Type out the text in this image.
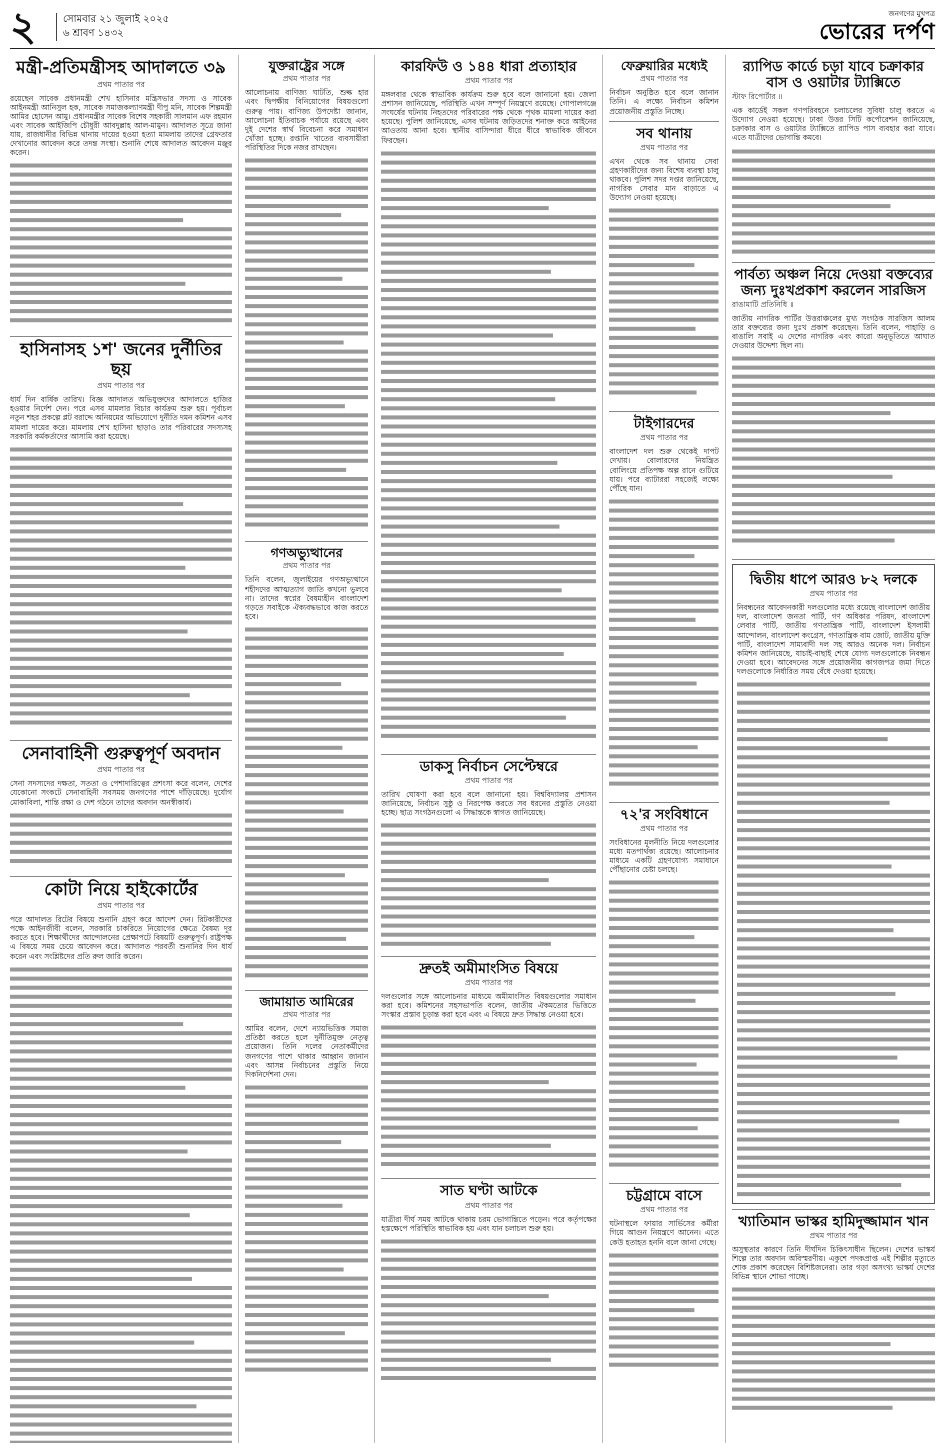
২	সোমবার ২১ জুলাই ২০২৫
৬ শ্রাবণ ১৪৩২
জনগণের মুখপত্র
ভোরের দর্পণ
মন্ত্রী-প্রতিমন্ত্রীসহ আদালতে ৩৯
প্রথম পাতার পর

রয়েছেন সাবেক প্রধানমন্ত্রী শেখ হাসিনার মন্ত্রিসভার সদস্য ও সাবেক আইনমন্ত্রী আনিসুল হক, সাবেক সমাজকল্যাণমন্ত্রী দীপু মনি, সাবেক শিল্পমন্ত্রী আমির হোসেন আমু। প্রধানমন্ত্রীর সাবেক বিশেষ সহকারী সালমান এফ রহমান এবং সাবেক আইজিপি চৌধুরী আবদুল্লাহ আল-মামুন। আদালত সূত্রে জানা যায়, রাজধানীর বিভিন্ন থানায় দায়ের হওয়া হত্যা মামলায় তাদের গ্রেফতার দেখানোর আবেদন করে তদন্ত সংস্থা। শুনানি শেষে আদালত আবেদন মঞ্জুর করেন।

হাসিনাসহ ১শ' জনের দুর্নীতির ছয়
প্রথম পাতার পর

ধার্য দিন বার্ষিক তারিখ। বিজ্ঞ আদালত অভিযুক্তদের আদালতে হাজির হওয়ার নির্দেশ দেন। পরে এসব মামলার বিচার কার্যক্রম শুরু হয়। পূর্বাচল নতুন শহর প্রকল্পে প্লট বরাদ্দে অনিয়মের অভিযোগে দুর্নীতি দমন কমিশন এসব মামলা দায়ের করে। মামলায় শেখ হাসিনা ছাড়াও তার পরিবারের সদস্যসহ সরকারি কর্মকর্তাদের আসামি করা হয়েছে।

সেনাবাহিনী গুরুত্বপূর্ণ অবদান
প্রথম পাতার পর

সেনা সদস্যদের দক্ষতা, সততা ও পেশাদারিত্বের প্রশংসা করে বলেন, দেশের যেকোনো সংকটে সেনাবাহিনী সবসময় জনগণের পাশে দাঁড়িয়েছে। দুর্যোগ মোকাবিলা, শান্তি রক্ষা ও দেশ গঠনে তাদের অবদান অনস্বীকার্য।

কোটা নিয়ে হাইকোর্টের
প্রথম পাতার পর

পরে আদালত রিটের বিষয়ে শুনানি গ্রহণ করে আদেশ দেন। রিটকারীদের পক্ষে আইনজীবী বলেন, সরকারি চাকরিতে নিয়োগের ক্ষেত্রে বৈষম্য দূর করতে হবে। শিক্ষার্থীদের আন্দোলনের প্রেক্ষাপটে বিষয়টি গুরুত্বপূর্ণ। রাষ্ট্রপক্ষ এ বিষয়ে সময় চেয়ে আবেদন করে। আদালত পরবর্তী শুনানির দিন ধার্য করেন এবং সংশ্লিষ্টদের প্রতি রুল জারি করেন।

যুক্তরাষ্ট্রের সঙ্গে
প্রথম পাতার পর

আলোচনায় বাণিজ্য ঘাটতি, শুল্ক হার এবং দ্বিপক্ষীয় বিনিয়োগের বিষয়গুলো গুরুত্ব পায়। বাণিজ্য উপদেষ্টা জানান, আলোচনা ইতিবাচক পর্যায়ে রয়েছে এবং দুই দেশের স্বার্থ বিবেচনা করে সমাধান খোঁজা হচ্ছে। রপ্তানি খাতের ব্যবসায়ীরা পরিস্থিতির দিকে নজর রাখছেন।

গণঅভ্যুত্থানের
প্রথম পাতার পর

তিনি বলেন, জুলাইয়ের গণঅভ্যুত্থানে শহীদদের আত্মত্যাগ জাতি কখনো ভুলবে না। তাদের স্বপ্নের বৈষম্যহীন বাংলাদেশ গড়তে সবাইকে ঐক্যবদ্ধভাবে কাজ করতে হবে।

জামায়াত আমিরের
প্রথম পাতার পর

আমির বলেন, দেশে ন্যায়ভিত্তিক সমাজ প্রতিষ্ঠা করতে হলে দুর্নীতিমুক্ত নেতৃত্ব প্রয়োজন। তিনি দলের নেতাকর্মীদের জনগণের পাশে থাকার আহ্বান জানান এবং আসন্ন নির্বাচনের প্রস্তুতি নিয়ে দিকনির্দেশনা দেন।

কারফিউ ও ১৪৪ ধারা প্রত্যাহার
প্রথম পাতার পর

মঙ্গলবার থেকে স্বাভাবিক কার্যক্রম শুরু হবে বলে জানানো হয়। জেলা প্রশাসন জানিয়েছে, পরিস্থিতি এখন সম্পূর্ণ নিয়ন্ত্রণে রয়েছে। গোপালগঞ্জে সংঘর্ষের ঘটনায় নিহতদের পরিবারের পক্ষ থেকে পৃথক মামলা দায়ের করা হয়েছে। পুলিশ জানিয়েছে, এসব ঘটনায় জড়িতদের শনাক্ত করে আইনের আওতায় আনা হবে। স্থানীয় বাসিন্দারা ধীরে ধীরে স্বাভাবিক জীবনে ফিরছেন।

ডাকসু নির্বাচন সেপ্টেম্বরে
প্রথম পাতার পর

তারিখ ঘোষণা করা হবে বলে জানানো হয়। বিশ্ববিদ্যালয় প্রশাসন জানিয়েছে, নির্বাচন সুষ্ঠু ও নিরপেক্ষ করতে সব ধরনের প্রস্তুতি নেওয়া হচ্ছে। ছাত্র সংগঠনগুলো এ সিদ্ধান্তকে স্বাগত জানিয়েছে।

দ্রুতই অমীমাংসিত বিষয়ে
প্রথম পাতার পর

দলগুলোর সঙ্গে আলোচনার মাধ্যমে অমীমাংসিত বিষয়গুলোর সমাধান করা হবে। কমিশনের সহসভাপতি বলেন, জাতীয় ঐকমত্যের ভিত্তিতে সংস্কার প্রস্তাব চূড়ান্ত করা হবে এবং এ বিষয়ে দ্রুত সিদ্ধান্ত নেওয়া হবে।

সাত ঘণ্টা আটকে
প্রথম পাতার পর

যাত্রীরা দীর্ঘ সময় আটকে থাকায় চরম ভোগান্তিতে পড়েন। পরে কর্তৃপক্ষের হস্তক্ষেপে পরিস্থিতি স্বাভাবিক হয় এবং যান চলাচল শুরু হয়।

ফেব্রুয়ারির মধ্যেই
প্রথম পাতার পর

নির্বাচন অনুষ্ঠিত হবে বলে জানান তিনি। এ লক্ষ্যে নির্বাচন কমিশন প্রয়োজনীয় প্রস্তুতি নিচ্ছে।

সব থানায়
প্রথম পাতার পর

এখন থেকে সব থানায় সেবা গ্রহণকারীদের জন্য বিশেষ ব্যবস্থা চালু থাকবে। পুলিশ সদর দপ্তর জানিয়েছে, নাগরিক সেবার মান বাড়াতে এ উদ্যোগ নেওয়া হয়েছে।

টাইগারদের
প্রথম পাতার পর

বাংলাদেশ দল শুরু থেকেই দাপট দেখায়। বোলারদের নিয়ন্ত্রিত বোলিংয়ে প্রতিপক্ষ অল্প রানে গুটিয়ে যায়। পরে ব্যাটাররা সহজেই লক্ষ্যে পৌঁছে যান।

৭২'র সংবিধানে
প্রথম পাতার পর

সংবিধানের মূলনীতি নিয়ে দলগুলোর মধ্যে মতপার্থক্য রয়েছে। আলোচনার মাধ্যমে একটি গ্রহণযোগ্য সমাধানে পৌঁছানোর চেষ্টা চলছে।

চট্টগ্রামে বাসে
প্রথম পাতার পর

ঘটনাস্থলে ফায়ার সার্ভিসের কর্মীরা গিয়ে আগুন নিয়ন্ত্রণে আনেন। এতে কেউ হতাহত হননি বলে জানা গেছে।

র‍্যাপিড কার্ডে চড়া যাবে চক্রাকার বাস ও ওয়াটার ট্যাক্সিতে
স্টাফ রিপোর্টার ॥

এক কার্ডেই সকল গণপরিবহনে চলাচলের সুবিধা চালু করতে এ উদ্যোগ নেওয়া হয়েছে। ঢাকা উত্তর সিটি কর্পোরেশন জানিয়েছে, চক্রাকার বাস ও ওয়াটার ট্যাক্সিতে র‍্যাপিড পাস ব্যবহার করা যাবে। এতে যাত্রীদের ভোগান্তি কমবে।

পার্বত্য অঞ্চল নিয়ে দেওয়া বক্তব্যের জন্য দুঃখপ্রকাশ করলেন সারজিস
রাঙামাটি প্রতিনিধি ॥

জাতীয় নাগরিক পার্টির উত্তরাঞ্চলের মুখ্য সংগঠক সারজিস আলম তার বক্তব্যের জন্য দুঃখ প্রকাশ করেছেন। তিনি বলেন, পাহাড়ি ও বাঙালি সবাই এ দেশের নাগরিক এবং কারো অনুভূতিতে আঘাত দেওয়ার উদ্দেশ্য ছিল না।

দ্বিতীয় ধাপে আরও ৮২ দলকে
প্রথম পাতার পর

নিবন্ধনের আবেদনকারী দলগুলোর মধ্যে রয়েছে বাংলাদেশ জাতীয় দল, বাংলাদেশ জনতা পার্টি, গণ অধিকার পরিষদ, বাংলাদেশ লেবার পার্টি, জাতীয় গণতান্ত্রিক পার্টি, বাংলাদেশ ইসলামী আন্দোলন, বাংলাদেশ কংগ্রেস, গণতান্ত্রিক বাম জোট, জাতীয় মুক্তি পার্টি, বাংলাদেশ সাম্যবাদী দল সহ আরও অনেক দল। নির্বাচন কমিশন জানিয়েছে, যাচাই-বাছাই শেষে যোগ্য দলগুলোকে নিবন্ধন দেওয়া হবে। আবেদনের সঙ্গে প্রয়োজনীয় কাগজপত্র জমা দিতে দলগুলোকে নির্ধারিত সময় বেঁধে দেওয়া হয়েছে।

খ্যাতিমান ভাস্কর হামিদুজ্জামান খান
প্রথম পাতার পর

অসুস্থতার কারণে তিনি দীর্ঘদিন চিকিৎসাধীন ছিলেন। দেশের ভাস্কর্য শিল্পে তার অবদান অবিস্মরণীয়। একুশে পদকপ্রাপ্ত এই শিল্পীর মৃত্যুতে শোক প্রকাশ করেছেন বিশিষ্টজনেরা। তার গড়া অসংখ্য ভাস্কর্য দেশের বিভিন্ন স্থানে শোভা পাচ্ছে।
